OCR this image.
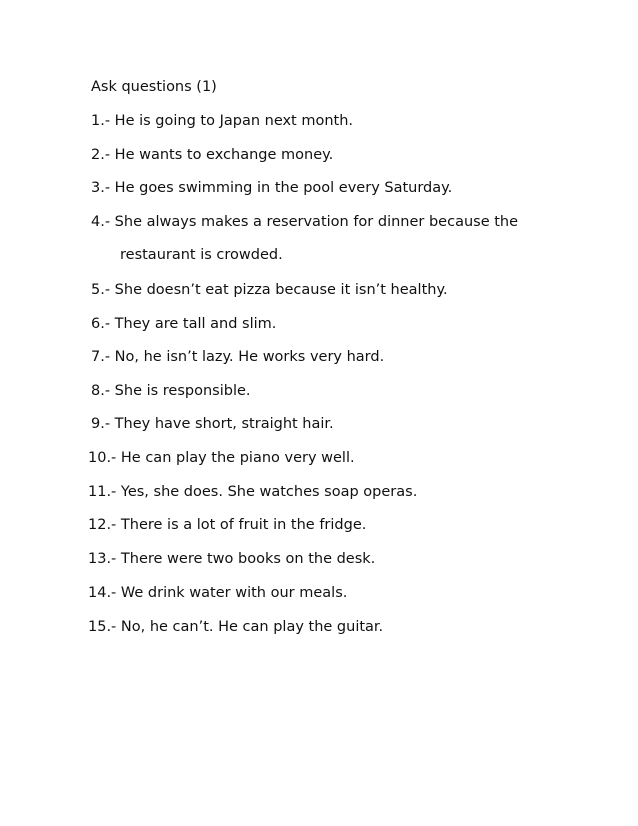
Ask questions (1)
1.- He is going to Japan next month.
2.- He wants to exchange money.
3.- He goes swimming in the pool every Saturday.
4.- She always makes a reservation for dinner because the
restaurant is crowded.
5.- She doesn’t eat pizza because it isn’t healthy.
6.- They are tall and slim.
7.- No, he isn’t lazy. He works very hard.
8.- She is responsible.
9.- They have short, straight hair.
10.- He can play the piano very well.
11.- Yes, she does. She watches soap operas.
12.- There is a lot of fruit in the fridge.
13.- There were two books on the desk.
14.- We drink water with our meals.
15.- No, he can’t. He can play the guitar.
